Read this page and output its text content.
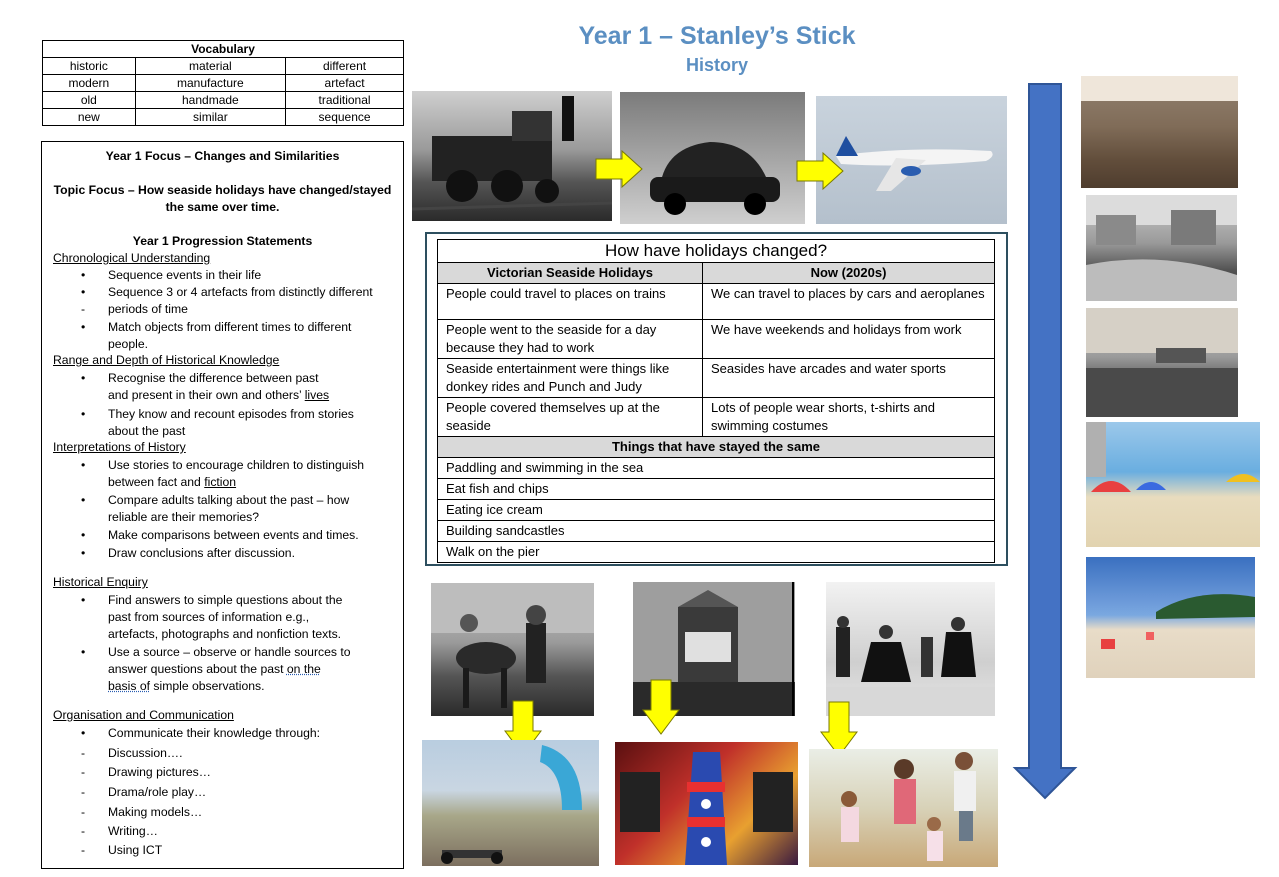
Year 1 – Stanley’s Stick
History
Vocabulary		
historic	material	different
modern	manufacture	artefact
old	handmade	traditional
new	similar	sequence
Year 1 Focus – Changes and Similarities
Topic Focus – How seaside holidays have changed/stayed
the same over time.
Year 1 Progression Statements
Chronological Understanding
• Sequence events in their life
• Sequence 3 or 4 artefacts from distinctly different
- periods of time
• Match objects from different times to different
people.
Range and Depth of Historical Knowledge
• Recognise the difference between past
and present in their own and others’ lives
• They know and recount episodes from stories
about the past
Interpretations of History
• Use stories to encourage children to distinguish
between fact and fiction
• Compare adults talking about the past – how
reliable are their memories?
• Make comparisons between events and times.
• Draw conclusions after discussion.
Historical Enquiry
• Find answers to simple questions about the
past from sources of information e.g.,
artefacts, photographs and nonfiction texts.
• Use a source – observe or handle sources to
answer questions about the past on the
basis of simple observations.
Organisation and Communication
• Communicate their knowledge through:
- Discussion….
- Drawing pictures…
- Drama/role play…
- Making models…
- Writing…
- Using ICT
How have holidays changed?	
Victorian Seaside Holidays	Now (2020s)
People could travel to places on trains	We can travel to places by cars and aeroplanes
People went to the seaside for a day because they had to work	We have weekends and holidays from work
Seaside entertainment were things like donkey rides and Punch and Judy	Seasides have arcades and water sports
People covered themselves up at the seaside	Lots of people wear shorts, t-shirts and swimming costumes
Things that have stayed the same	
Paddling and swimming in the sea	
Eat fish and chips	
Eating ice cream	
Building sandcastles	
Walk on the pier	
